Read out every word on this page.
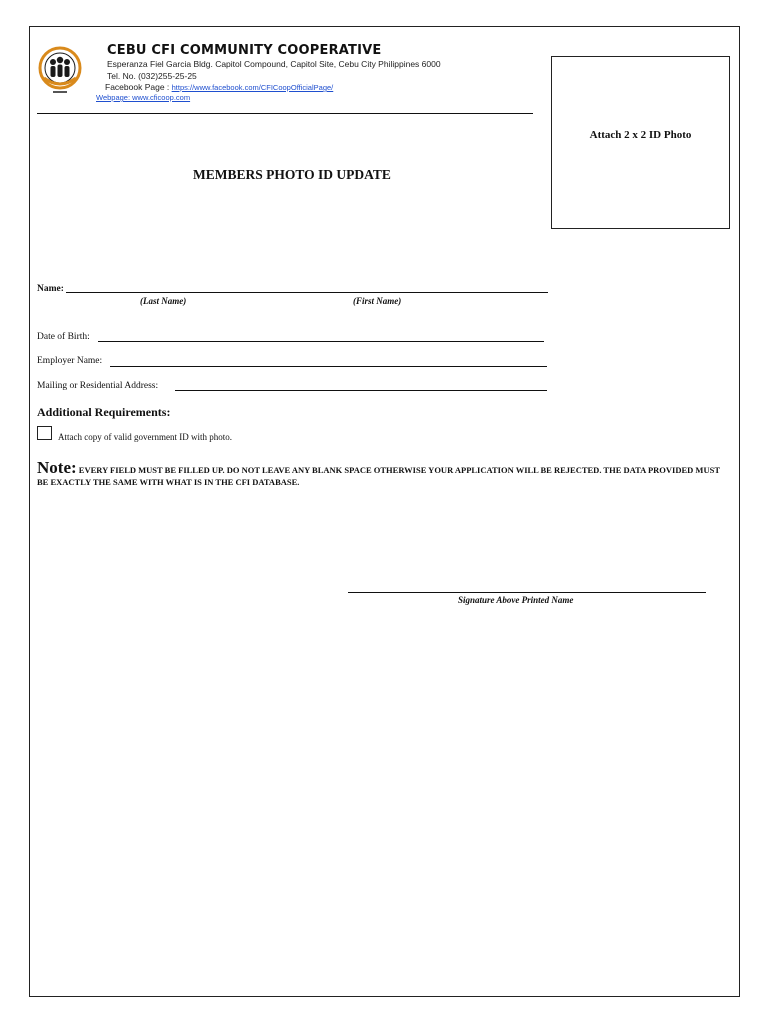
CEBU CFI COMMUNITY COOPERATIVE
Esperanza Fiel Garcia Bldg. Capitol Compound, Capitol Site, Cebu City Philippines 6000
Tel. No. (032)255-25-25
Facebook Page : https://www.facebook.com/CFICoopOfficialPage/
Webpage: www.cficoop.com
Attach 2 x 2 ID Photo
MEMBERS PHOTO ID UPDATE
Name:
(Last Name)	(First Name)
Date of Birth:
Employer Name:
Mailing or Residential Address:
Additional Requirements:
Attach copy of valid government ID with photo.
Note: EVERY FIELD MUST BE FILLED UP. DO NOT LEAVE ANY BLANK SPACE OTHERWISE YOUR APPLICATION WILL BE REJECTED. THE DATA PROVIDED MUST BE EXACTLY THE SAME WITH WHAT IS IN THE CFI DATABASE.
Signature Above Printed Name
